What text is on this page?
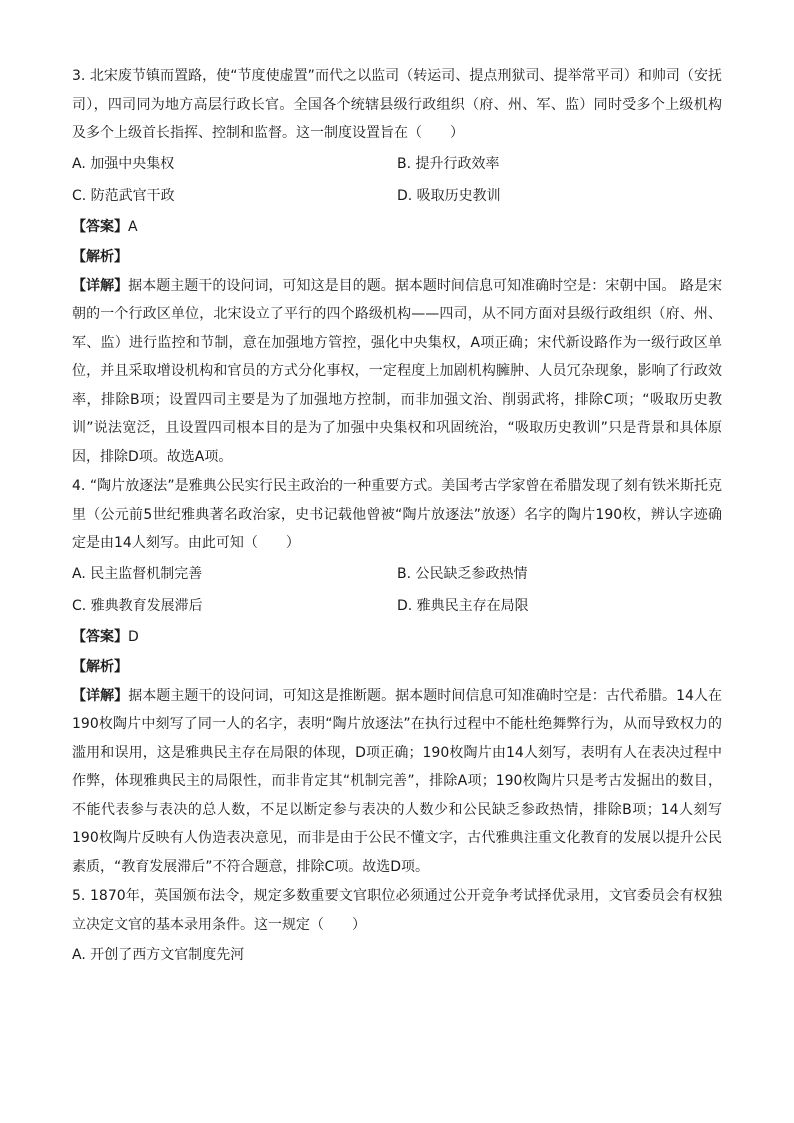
3. 北宋废节镇而置路，使“节度使虚置”而代之以监司（转运司、提点刑狱司、提举常平司）和帅司（安抚司），四司同为地方高层行政长官。全国各个统辖县级行政组织（府、州、军、监）同时受多个上级机构及多个上级首长指挥、控制和监督。这一制度设置旨在（　　）

A. 加强中央集权	B. 提升行政效率
C. 防范武官干政	D. 吸取历史教训
【答案】A
【解析】

【详解】据本题主题干的设问词，可知这是目的题。据本题时间信息可知准确时空是：宋朝中国。 路是宋朝的一个行政区单位，北宋设立了平行的四个路级机构——四司，从不同方面对县级行政组织（府、州、军、监）进行监控和节制，意在加强地方管控，强化中央集权，A项正确；宋代新设路作为一级行政区单位，并且采取增设机构和官员的方式分化事权，一定程度上加剧机构臃肿、人员冗杂现象，影响了行政效率，排除B项；设置四司主要是为了加强地方控制，而非加强文治、削弱武将，排除C项；“吸取历史教训”说法宽泛，且设置四司根本目的是为了加强中央集权和巩固统治，“吸取历史教训”只是背景和具体原因，排除D项。故选A项。

4. “陶片放逐法”是雅典公民实行民主政治的一种重要方式。美国考古学家曾在希腊发现了刻有铁米斯托克里（公元前5世纪雅典著名政治家，史书记载他曾被“陶片放逐法”放逐）名字的陶片190枚，辨认字迹确定是由14人刻写。由此可知（　　）

A. 民主监督机制完善	B. 公民缺乏参政热情
C. 雅典教育发展滞后	D. 雅典民主存在局限
【答案】D
【解析】

【详解】据本题主题干的设问词，可知这是推断题。据本题时间信息可知准确时空是：古代希腊。14人在190枚陶片中刻写了同一人的名字，表明“陶片放逐法”在执行过程中不能杜绝舞弊行为，从而导致权力的滥用和误用，这是雅典民主存在局限的体现，D项正确；190枚陶片由14人刻写，表明有人在表决过程中作弊，体现雅典民主的局限性，而非肯定其“机制完善”，排除A项；190枚陶片只是考古发掘出的数目，不能代表参与表决的总人数，不足以断定参与表决的人数少和公民缺乏参政热情，排除B项；14人刻写190枚陶片反映有人伪造表决意见，而非是由于公民不懂文字，古代雅典注重文化教育的发展以提升公民素质，“教育发展滞后”不符合题意，排除C项。故选D项。

5. 1870年，英国颁布法令，规定多数重要文官职位必须通过公开竞争考试择优录用，文官委员会有权独立决定文官的基本录用条件。这一规定（　　）

A. 开创了西方文官制度先河
